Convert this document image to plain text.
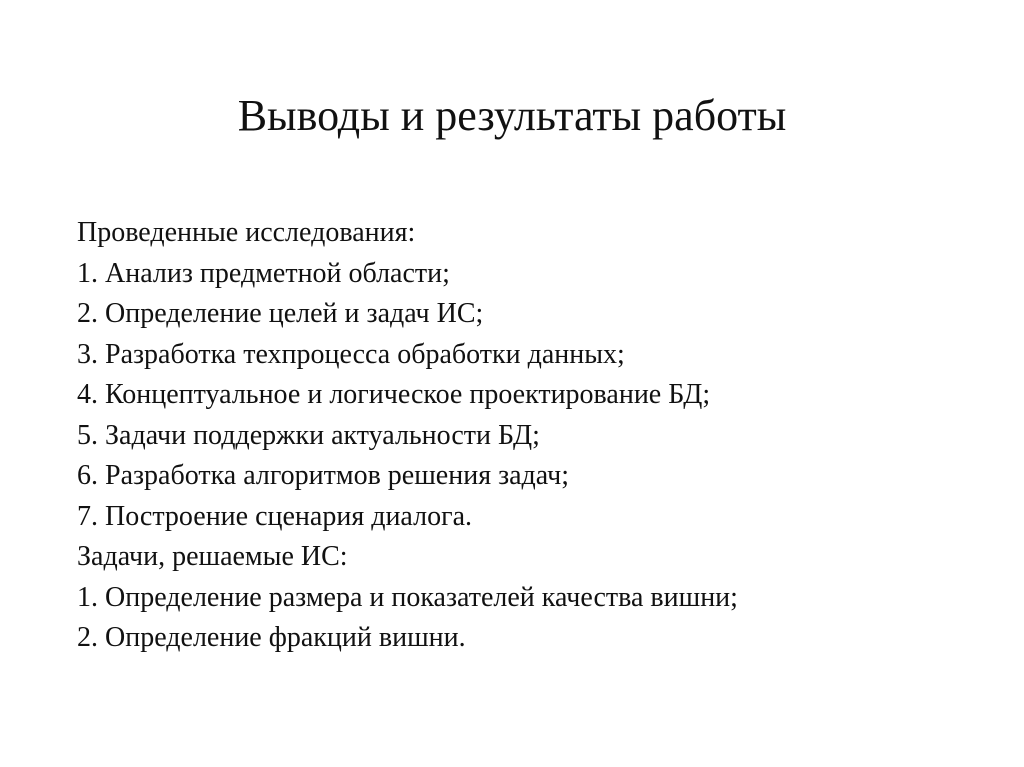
Выводы и результаты работы

Проведенные исследования:

1. Анализ предметной области;

2. Определение целей и задач ИС;

3. Разработка техпроцесса обработки данных;

4. Концептуальное и логическое проектирование БД;

5. Задачи поддержки актуальности БД;

6. Разработка алгоритмов решения задач;

7. Построение сценария диалога.

Задачи, решаемые ИС:

1. Определение размера и показателей качества вишни;

2. Определение фракций вишни.
